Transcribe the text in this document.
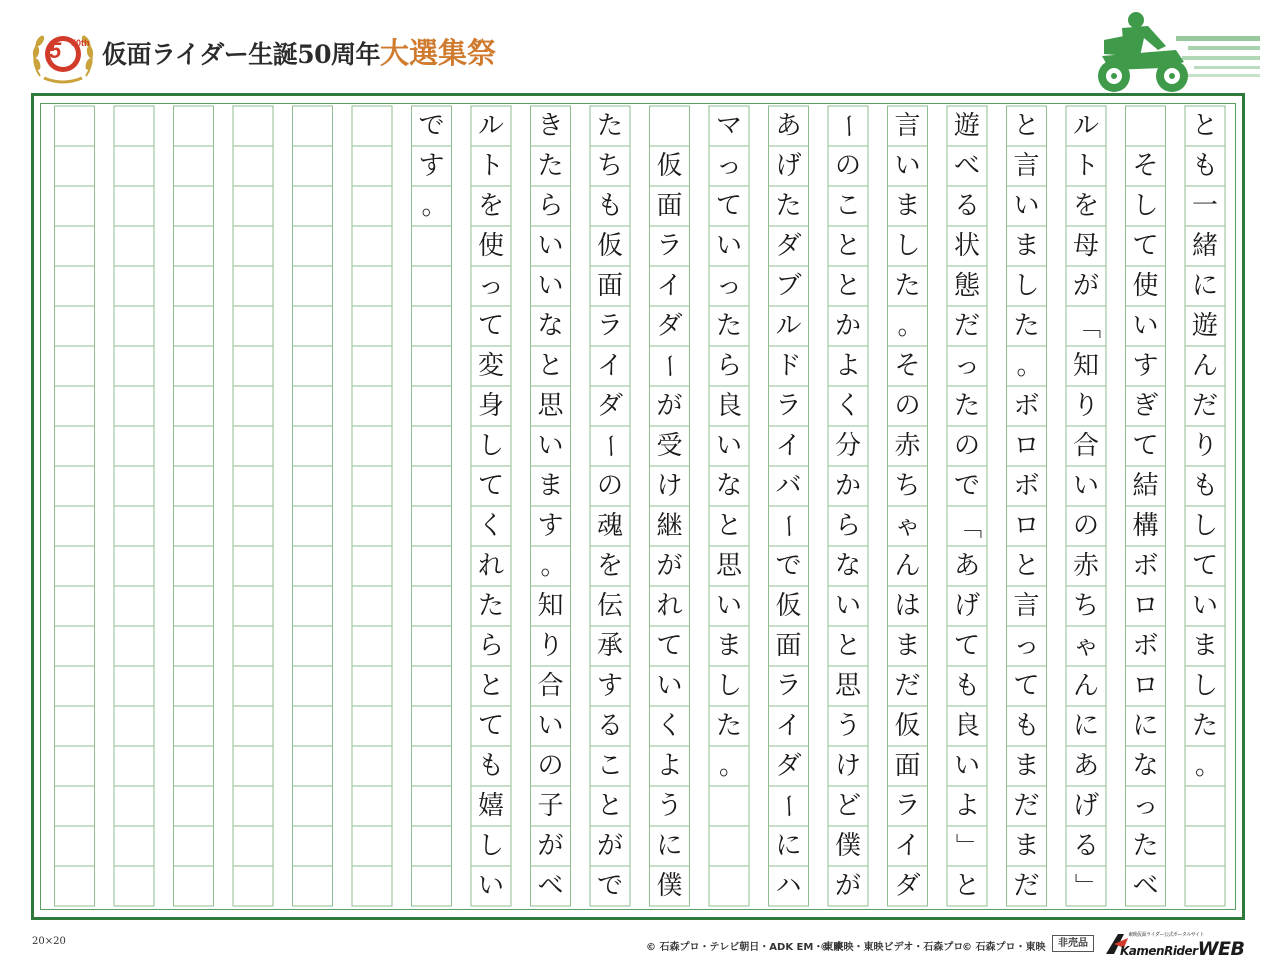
5 50th 仮面ライダー生誕50周年 大選集祭
と
も
一
緒
に
遊
ん
だ
り
も
し
て
い
ま
し
た
。
そ
し
て
使
い
す
ぎ
て
結
構
ボ
ロ
ボ
ロ
に
な
っ
た
ベ
ル
ト
を
母
が
「
知
り
合
い
の
赤
ち
ゃ
ん
に
あ
げ
る
」
と
言
い
ま
し
た
。
ボ
ロ
ボ
ロ
と
言
っ
て
も
ま
だ
ま
だ
遊
べ
る
状
態
だ
っ
た
の
で
「
あ
げ
て
も
良
い
よ
」
と
言
い
ま
し
た
。
そ
の
赤
ち
ゃ
ん
は
ま
だ
仮
面
ラ
イ
ダ
ー
の
こ
と
と
か
よ
く
分
か
ら
な
い
と
思
う
け
ど
僕
が
あ
げ
た
ダ
ブ
ル
ド
ラ
イ
バ
ー
で
仮
面
ラ
イ
ダ
ー
に
ハ
マ
っ
て
い
っ
た
ら
良
い
な
と
思
い
ま
し
た
。
仮
面
ラ
イ
ダ
ー
が
受
け
継
が
れ
て
い
く
よ
う
に
僕
た
ち
も
仮
面
ラ
イ
ダ
ー
の
魂
を
伝
承
す
る
こ
と
が
で
き
た
ら
い
い
な
と
思
い
ま
す
。
知
り
合
い
の
子
が
ベ
ル
ト
を
使
っ
て
変
身
し
て
く
れ
た
ら
と
て
も
嬉
し
い
で
す
。
20×20
© 石森プロ・テレビ朝日・ADK EM・東映
© 東映・東映ビデオ・石森プロ
© 石森プロ・東映	非売品
東映仮面ライダー公式ポータルサイト
KamenRiderWEB
